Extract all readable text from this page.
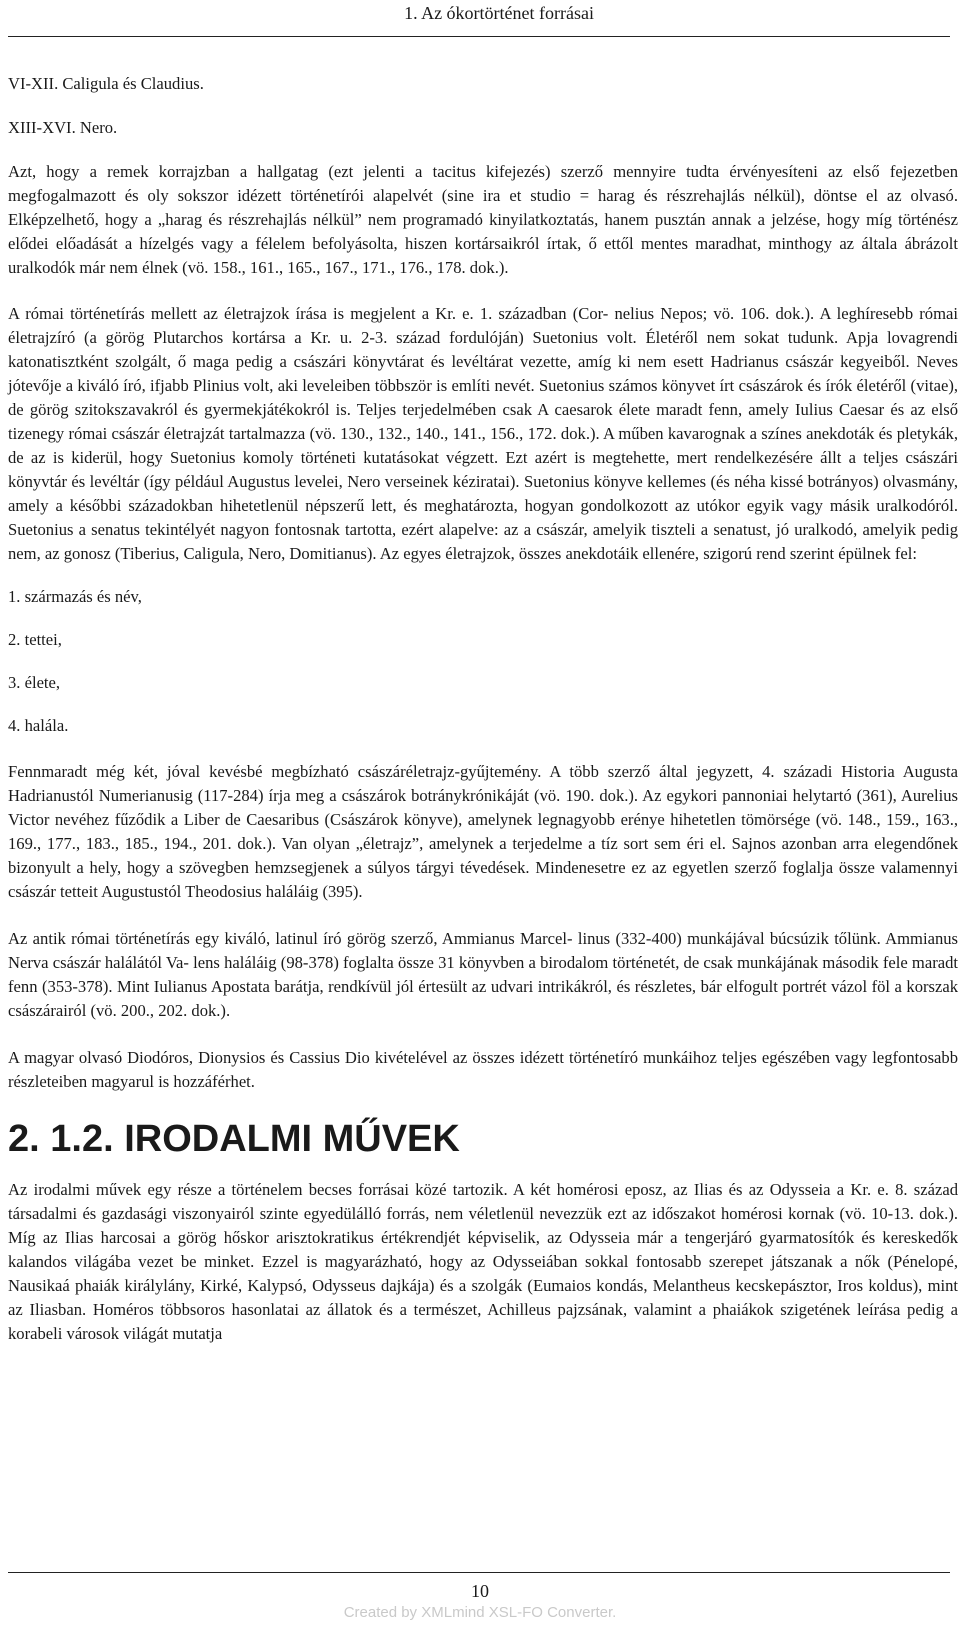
1. Az ókortörténet forrásai

VI-XII. Caligula és Claudius.

XIII-XVI. Nero.

Azt, hogy a remek korrajzban a hallgatag (ezt jelenti a tacitus kifejezés) szerző mennyire tudta érvényesíteni az első fejezetben megfogalmazott és oly sokszor idézett történetírói alapelvét (sine ira et studio = harag és részrehajlás nélkül), döntse el az olvasó. Elképzelhető, hogy a „harag és részrehajlás nélkül” nem programadó kinyilatkoztatás, hanem pusztán annak a jelzése, hogy míg történész elődei előadását a hízelgés vagy a félelem befolyásolta, hiszen kortársaikról írtak, ő ettől mentes maradhat, minthogy az általa ábrázolt uralkodók már nem élnek (vö. 158., 161., 165., 167., 171., 176., 178. dok.).

A római történetírás mellett az életrajzok írása is megjelent a Kr. e. 1. században (Cor- nelius Nepos; vö. 106. dok.). A leghíresebb római életrajzíró (a görög Plutarchos kortársa a Kr. u. 2-3. század fordulóján) Suetonius volt. Életéről nem sokat tudunk. Apja lovagrendi katonatisztként szolgált, ő maga pedig a császári könyvtárat és levéltárat vezette, amíg ki nem esett Hadrianus császár kegyeiből. Neves jótevője a kiváló író, ifjabb Plinius volt, aki leveleiben többször is említi nevét. Suetonius számos könyvet írt császárok és írók életéről (vitae), de görög szitokszavakról és gyermekjátékokról is. Teljes terjedelmében csak A caesarok élete maradt fenn, amely Iulius Caesar és az első tizenegy római császár életrajzát tartalmazza (vö. 130., 132., 140., 141., 156., 172. dok.). A műben kavarognak a színes anekdoták és pletykák, de az is kiderül, hogy Suetonius komoly történeti kutatásokat végzett. Ezt azért is megtehette, mert rendelkezésére állt a teljes császári könyvtár és levéltár (így például Augustus levelei, Nero verseinek kéziratai). Suetonius könyve kellemes (és néha kissé botrányos) olvasmány, amely a későbbi századokban hihetetlenül népszerű lett, és meghatározta, hogyan gondolkozott az utókor egyik vagy másik uralkodóról. Suetonius a senatus tekintélyét nagyon fontosnak tartotta, ezért alapelve: az a császár, amelyik tiszteli a senatust, jó uralkodó, amelyik pedig nem, az gonosz (Tiberius, Caligula, Nero, Domitianus). Az egyes életrajzok, összes anekdotáik ellenére, szigorú rend szerint épülnek fel:

1. származás és név,

2. tettei,

3. élete,

4. halála.

Fennmaradt még két, jóval kevésbé megbízható császáréletrajz-gyűjtemény. A több szerző által jegyzett, 4. századi Historia Augusta Hadrianustól Numerianusig (117-284) írja meg a császárok botránykrónikáját (vö. 190. dok.). Az egykori pannoniai helytartó (361), Aurelius Victor nevéhez fűződik a Liber de Caesaribus (Császárok könyve), amelynek legnagyobb erénye hihetetlen tömörsége (vö. 148., 159., 163., 169., 177., 183., 185., 194., 201. dok.). Van olyan „életrajz”, amelynek a terjedelme a tíz sort sem éri el. Sajnos azonban arra elegendőnek bizonyult a hely, hogy a szövegben hemzsegjenek a súlyos tárgyi tévedések. Mindenesetre ez az egyetlen szerző foglalja össze valamennyi császár tetteit Augustustól Theodosius haláláig (395).

Az antik római történetírás egy kiváló, latinul író görög szerző, Ammianus Marcel- linus (332-400) munkájával búcsúzik tőlünk. Ammianus Nerva császár halálától Va- lens haláláig (98-378) foglalta össze 31 könyvben a birodalom történetét, de csak munkájának második fele maradt fenn (353-378). Mint Iulianus Apostata barátja, rendkívül jól értesült az udvari intrikákról, és részletes, bár elfogult portrét vázol föl a korszak császárairól (vö. 200., 202. dok.).

A magyar olvasó Diodóros, Dionysios és Cassius Dio kivételével az összes idézett történetíró munkáihoz teljes egészében vagy legfontosabb részleteiben magyarul is hozzáférhet.

2. 1.2. IRODALMI MŰVEK

Az irodalmi művek egy része a történelem becses forrásai közé tartozik. A két homérosi eposz, az Ilias és az Odysseia a Kr. e. 8. század társadalmi és gazdasági viszonyairól szinte egyedülálló forrás, nem véletlenül nevezzük ezt az időszakot homérosi kornak (vö. 10-13. dok.). Míg az Ilias harcosai a görög hőskor arisztokratikus értékrendjét képviselik, az Odysseia már a tengerjáró gyarmatosítók és kereskedők kalandos világába vezet be minket. Ezzel is magyarázható, hogy az Odysseiában sokkal fontosabb szerepet játszanak a nők (Pénelopé, Nausikaá phaiák királylány, Kirké, Kalypsó, Odysseus dajkája) és a szolgák (Eumaios kondás, Melantheus kecskepásztor, Iros koldus), mint az Iliasban. Homéros többsoros hasonlatai az állatok és a természet, Achilleus pajzsának, valamint a phaiákok szigetének leírása pedig a korabeli városok világát mutatja

10
Created by XMLmind XSL-FO Converter.
